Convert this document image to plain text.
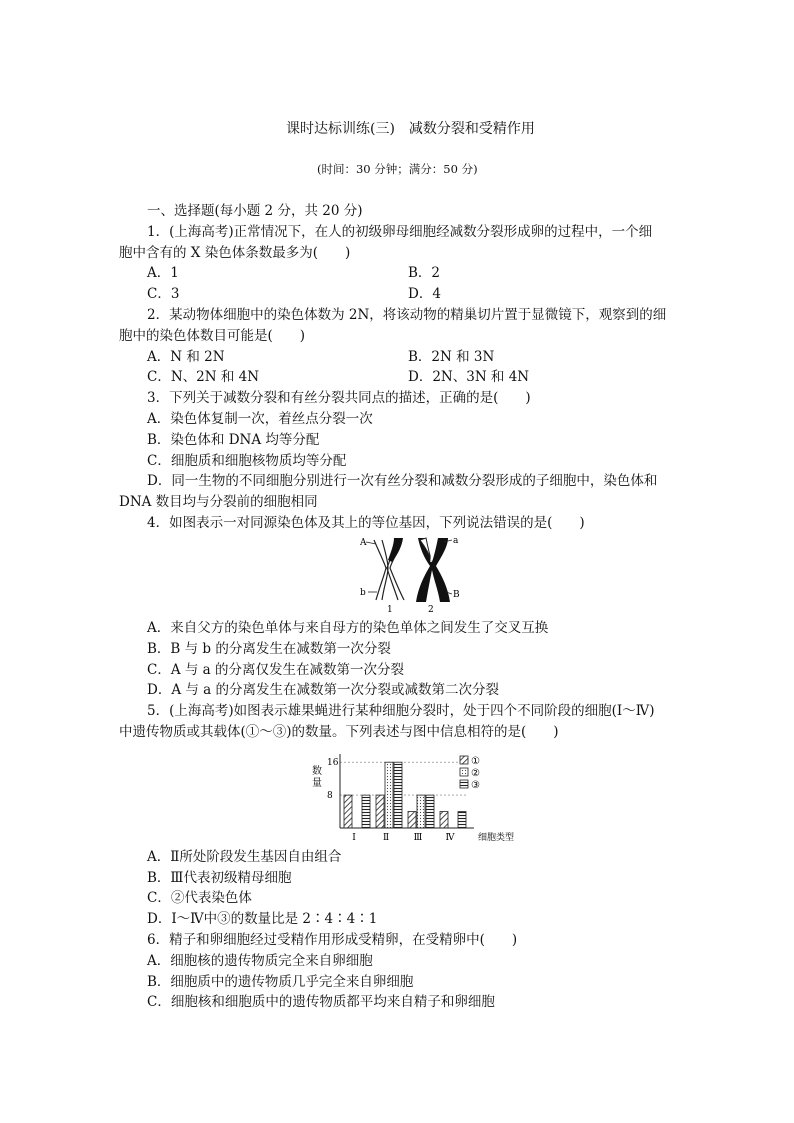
课时达标训练(三)　减数分裂和受精作用
(时间：30 分钟；满分：50 分)
一、选择题(每小题 2 分，共 20 分)
1．(上海高考)正常情况下，在人的初级卵母细胞经减数分裂形成卵的过程中，一个细
胞中含有的 X 染色体条数最多为(　　)
A．1	B．2
C．3	D．4
2．某动物体细胞中的染色体数为 2N，将该动物的精巢切片置于显微镜下，观察到的细
胞中的染色体数目可能是(　　)
A．N 和 2N	B．2N 和 3N
C．N、2N 和 4N	D．2N、3N 和 4N
3．下列关于减数分裂和有丝分裂共同点的描述，正确的是(　　)
A．染色体复制一次，着丝点分裂一次
B．染色体和 DNA 均等分配
C．细胞质和细胞核物质均等分配
D．同一生物的不同细胞分别进行一次有丝分裂和减数分裂形成的子细胞中，染色体和
DNA 数目均与分裂前的细胞相同
4．如图表示一对同源染色体及其上的等位基因，下列说法错误的是(　　)
A	a
b	B
1	2
A．来自父方的染色单体与来自母方的染色单体之间发生了交叉互换
B．B 与 b 的分离发生在减数第一次分裂
C．A 与 a 的分离仅发生在减数第一次分裂
D．A 与 a 的分离发生在减数第一次分裂或减数第二次分裂
5．(上海高考)如图表示雄果蝇进行某种细胞分裂时，处于四个不同阶段的细胞(Ⅰ～Ⅳ)
中遗传物质或其载体(①～③)的数量。下列表述与图中信息相符的是(　　)
数
量
8
16
Ⅰ	Ⅱ	Ⅲ	Ⅳ	细胞类型
①
②
③
A．Ⅱ所处阶段发生基因自由组合
B．Ⅲ代表初级精母细胞
C．②代表染色体
D．Ⅰ～Ⅳ中③的数量比是 2∶4∶4∶1
6．精子和卵细胞经过受精作用形成受精卵，在受精卵中(　　)
A．细胞核的遗传物质完全来自卵细胞
B．细胞质中的遗传物质几乎完全来自卵细胞
C．细胞核和细胞质中的遗传物质都平均来自精子和卵细胞
